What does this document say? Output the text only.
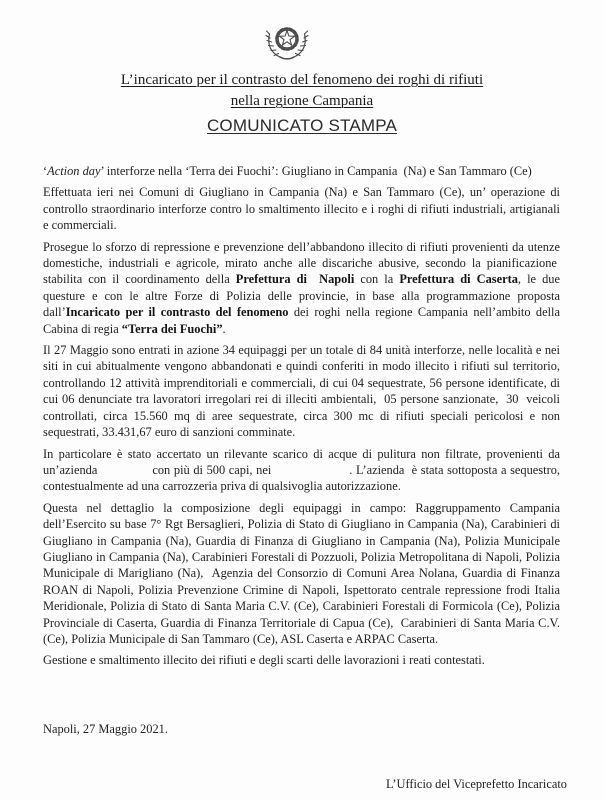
L’incaricato per il contrasto del fenomeno dei roghi di rifiuti
nella regione Campania
COMUNICATO STAMPA

‘Action day’ interforze nella ‘Terra dei Fuochi’: Giugliano in Campania  (Na) e San Tammaro (Ce)

Effettuata ieri nei Comuni di Giugliano in Campania (Na) e San Tammaro (Ce), un’ operazione di controllo straordinario interforze contro lo smaltimento illecito e i roghi di rifiuti industriali, artigianali e commerciali.

Prosegue lo sforzo di repressione e prevenzione dell’abbandono illecito di rifiuti provenienti da utenze domestiche, industriali e agricole, mirato anche alle discariche abusive, secondo la pianificazione  stabilita con il coordinamento della Prefettura di  Napoli con la Prefettura di Caserta, le due questure e con le altre Forze di Polizia delle provincie, in base alla programmazione proposta dall’Incaricato per il contrasto del fenomeno dei roghi nella regione Campania nell’ambito della Cabina di regia “Terra dei Fuochi”.

Il 27 Maggio sono entrati in azione 34 equipaggi per un totale di 84 unità interforze, nelle località e nei siti in cui abitualmente vengono abbandonati e quindi conferiti in modo illecito i rifiuti sul territorio, controllando 12 attività imprenditoriali e commerciali, di cui 04 sequestrate, 56 persone identificate, di cui 06 denunciate tra lavoratori irregolari rei di illeciti ambientali,  05 persone sanzionate,  30  veicoli controllati, circa 15.560 mq di aree sequestrate, circa 300 mc di rifiuti speciali pericolosi e non sequestrati, 33.431,67 euro di sanzioni comminate.

In particolare è stato accertato un rilevante scarico di acque di pulitura non filtrate, provenienti da un’azienda	con più di 500 capi, nei	. L’azienda  è stata sottoposta a sequestro, contestualmente ad una carrozzeria priva di qualsivoglia autorizzazione.

Questa nel dettaglio la composizione degli equipaggi in campo: Raggruppamento Campania dell’Esercito su base 7° Rgt Bersaglieri, Polizia di Stato di Giugliano in Campania (Na), Carabinieri di Giugliano in Campania (Na), Guardia di Finanza di Giugliano in Campania (Na), Polizia Municipale Giugliano in Campania (Na), Carabinieri Forestali di Pozzuoli, Polizia Metropolitana di Napoli, Polizia Municipale di Marigliano (Na),  Agenzia del Consorzio di Comuni Area Nolana, Guardia di Finanza ROAN di Napoli, Polizia Prevenzione Crimine di Napoli, Ispettorato centrale repressione frodi Italia Meridionale, Polizia di Stato di Santa Maria C.V. (Ce), Carabinieri Forestali di Formicola (Ce), Polizia Provinciale di Caserta, Guardia di Finanza Territoriale di Capua (Ce),  Carabinieri di Santa Maria C.V. (Ce), Polizia Municipale di San Tammaro (Ce), ASL Caserta e ARPAC Caserta.

Gestione e smaltimento illecito dei rifiuti e degli scarti delle lavorazioni i reati contestati.

Napoli, 27 Maggio 2021.
L’Ufficio del Viceprefetto Incaricato
